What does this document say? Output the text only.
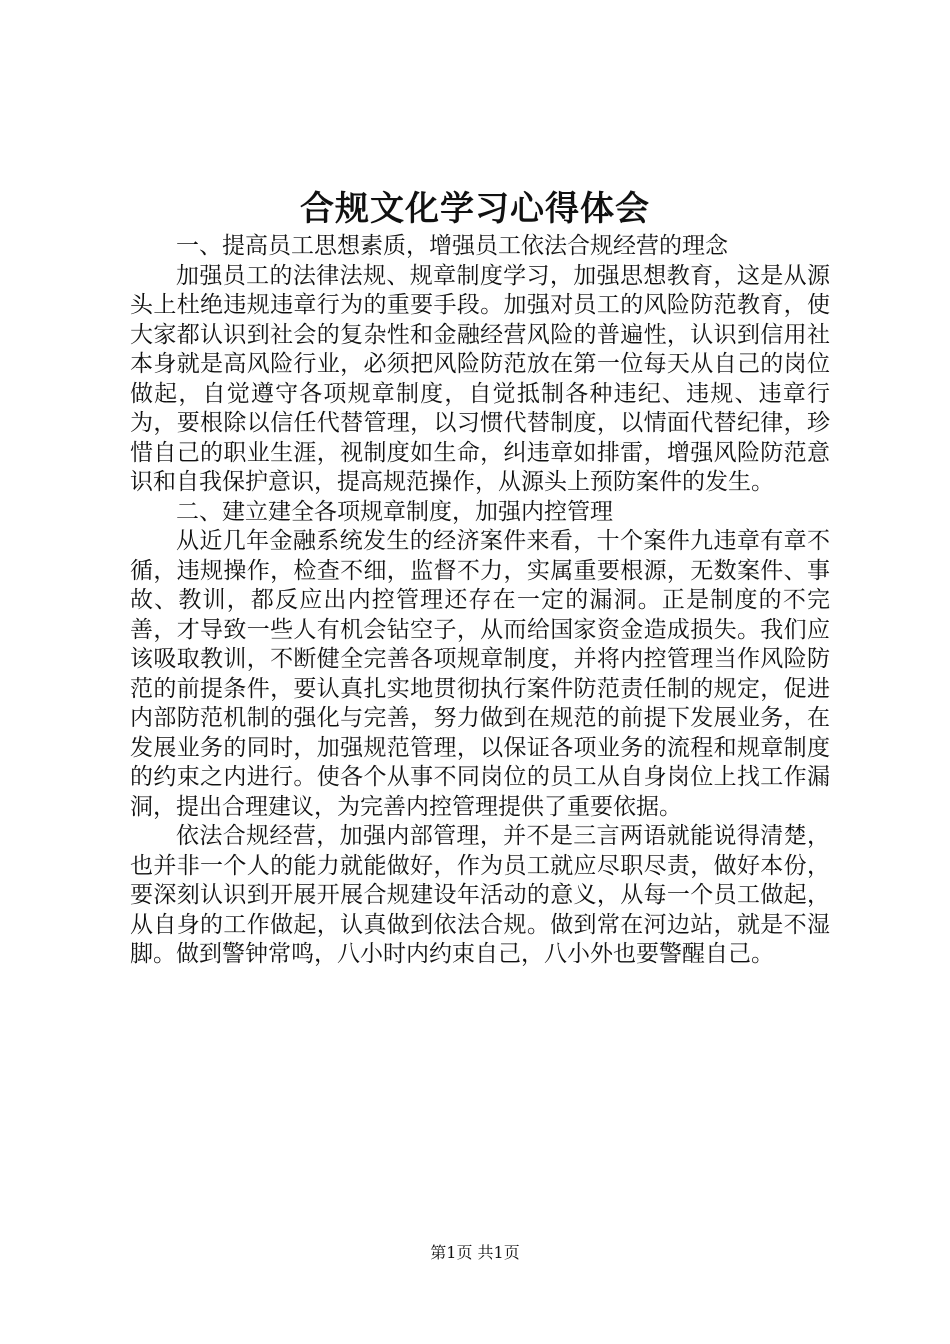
合规文化学习心得体会

一、提高员工思想素质，增强员工依法合规经营的理念

加强员工的法律法规、规章制度学习，加强思想教育，这是从源头上杜绝违规违章行为的重要手段。加强对员工的风险防范教育，使大家都认识到社会的复杂性和金融经营风险的普遍性，认识到信用社本身就是高风险行业，必须把风险防范放在第一位每天从自己的岗位做起，自觉遵守各项规章制度，自觉抵制各种违纪、违规、违章行为，要根除以信任代替管理，以习惯代替制度，以情面代替纪律，珍惜自己的职业生涯，视制度如生命，纠违章如排雷，增强风险防范意识和自我保护意识，提高规范操作，从源头上预防案件的发生。

二、建立建全各项规章制度，加强内控管理

从近几年金融系统发生的经济案件来看，十个案件九违章有章不循，违规操作，检查不细，监督不力，实属重要根源，无数案件、事故、教训，都反应出内控管理还存在一定的漏洞。正是制度的不完善，才导致一些人有机会钻空子，从而给国家资金造成损失。我们应该吸取教训，不断健全完善各项规章制度，并将内控管理当作风险防范的前提条件，要认真扎实地贯彻执行案件防范责任制的规定，促进内部防范机制的强化与完善，努力做到在规范的前提下发展业务，在发展业务的同时，加强规范管理，以保证各项业务的流程和规章制度的约束之内进行。使各个从事不同岗位的员工从自身岗位上找工作漏洞，提出合理建议，为完善内控管理提供了重要依据。

依法合规经营，加强内部管理，并不是三言两语就能说得清楚，也并非一个人的能力就能做好，作为员工就应尽职尽责，做好本份，要深刻认识到开展开展合规建设年活动的意义，从每一个员工做起，从自身的工作做起，认真做到依法合规。做到常在河边站，就是不湿脚。做到警钟常鸣，八小时内约束自己，八小外也要警醒自己。

第1页 共1页
